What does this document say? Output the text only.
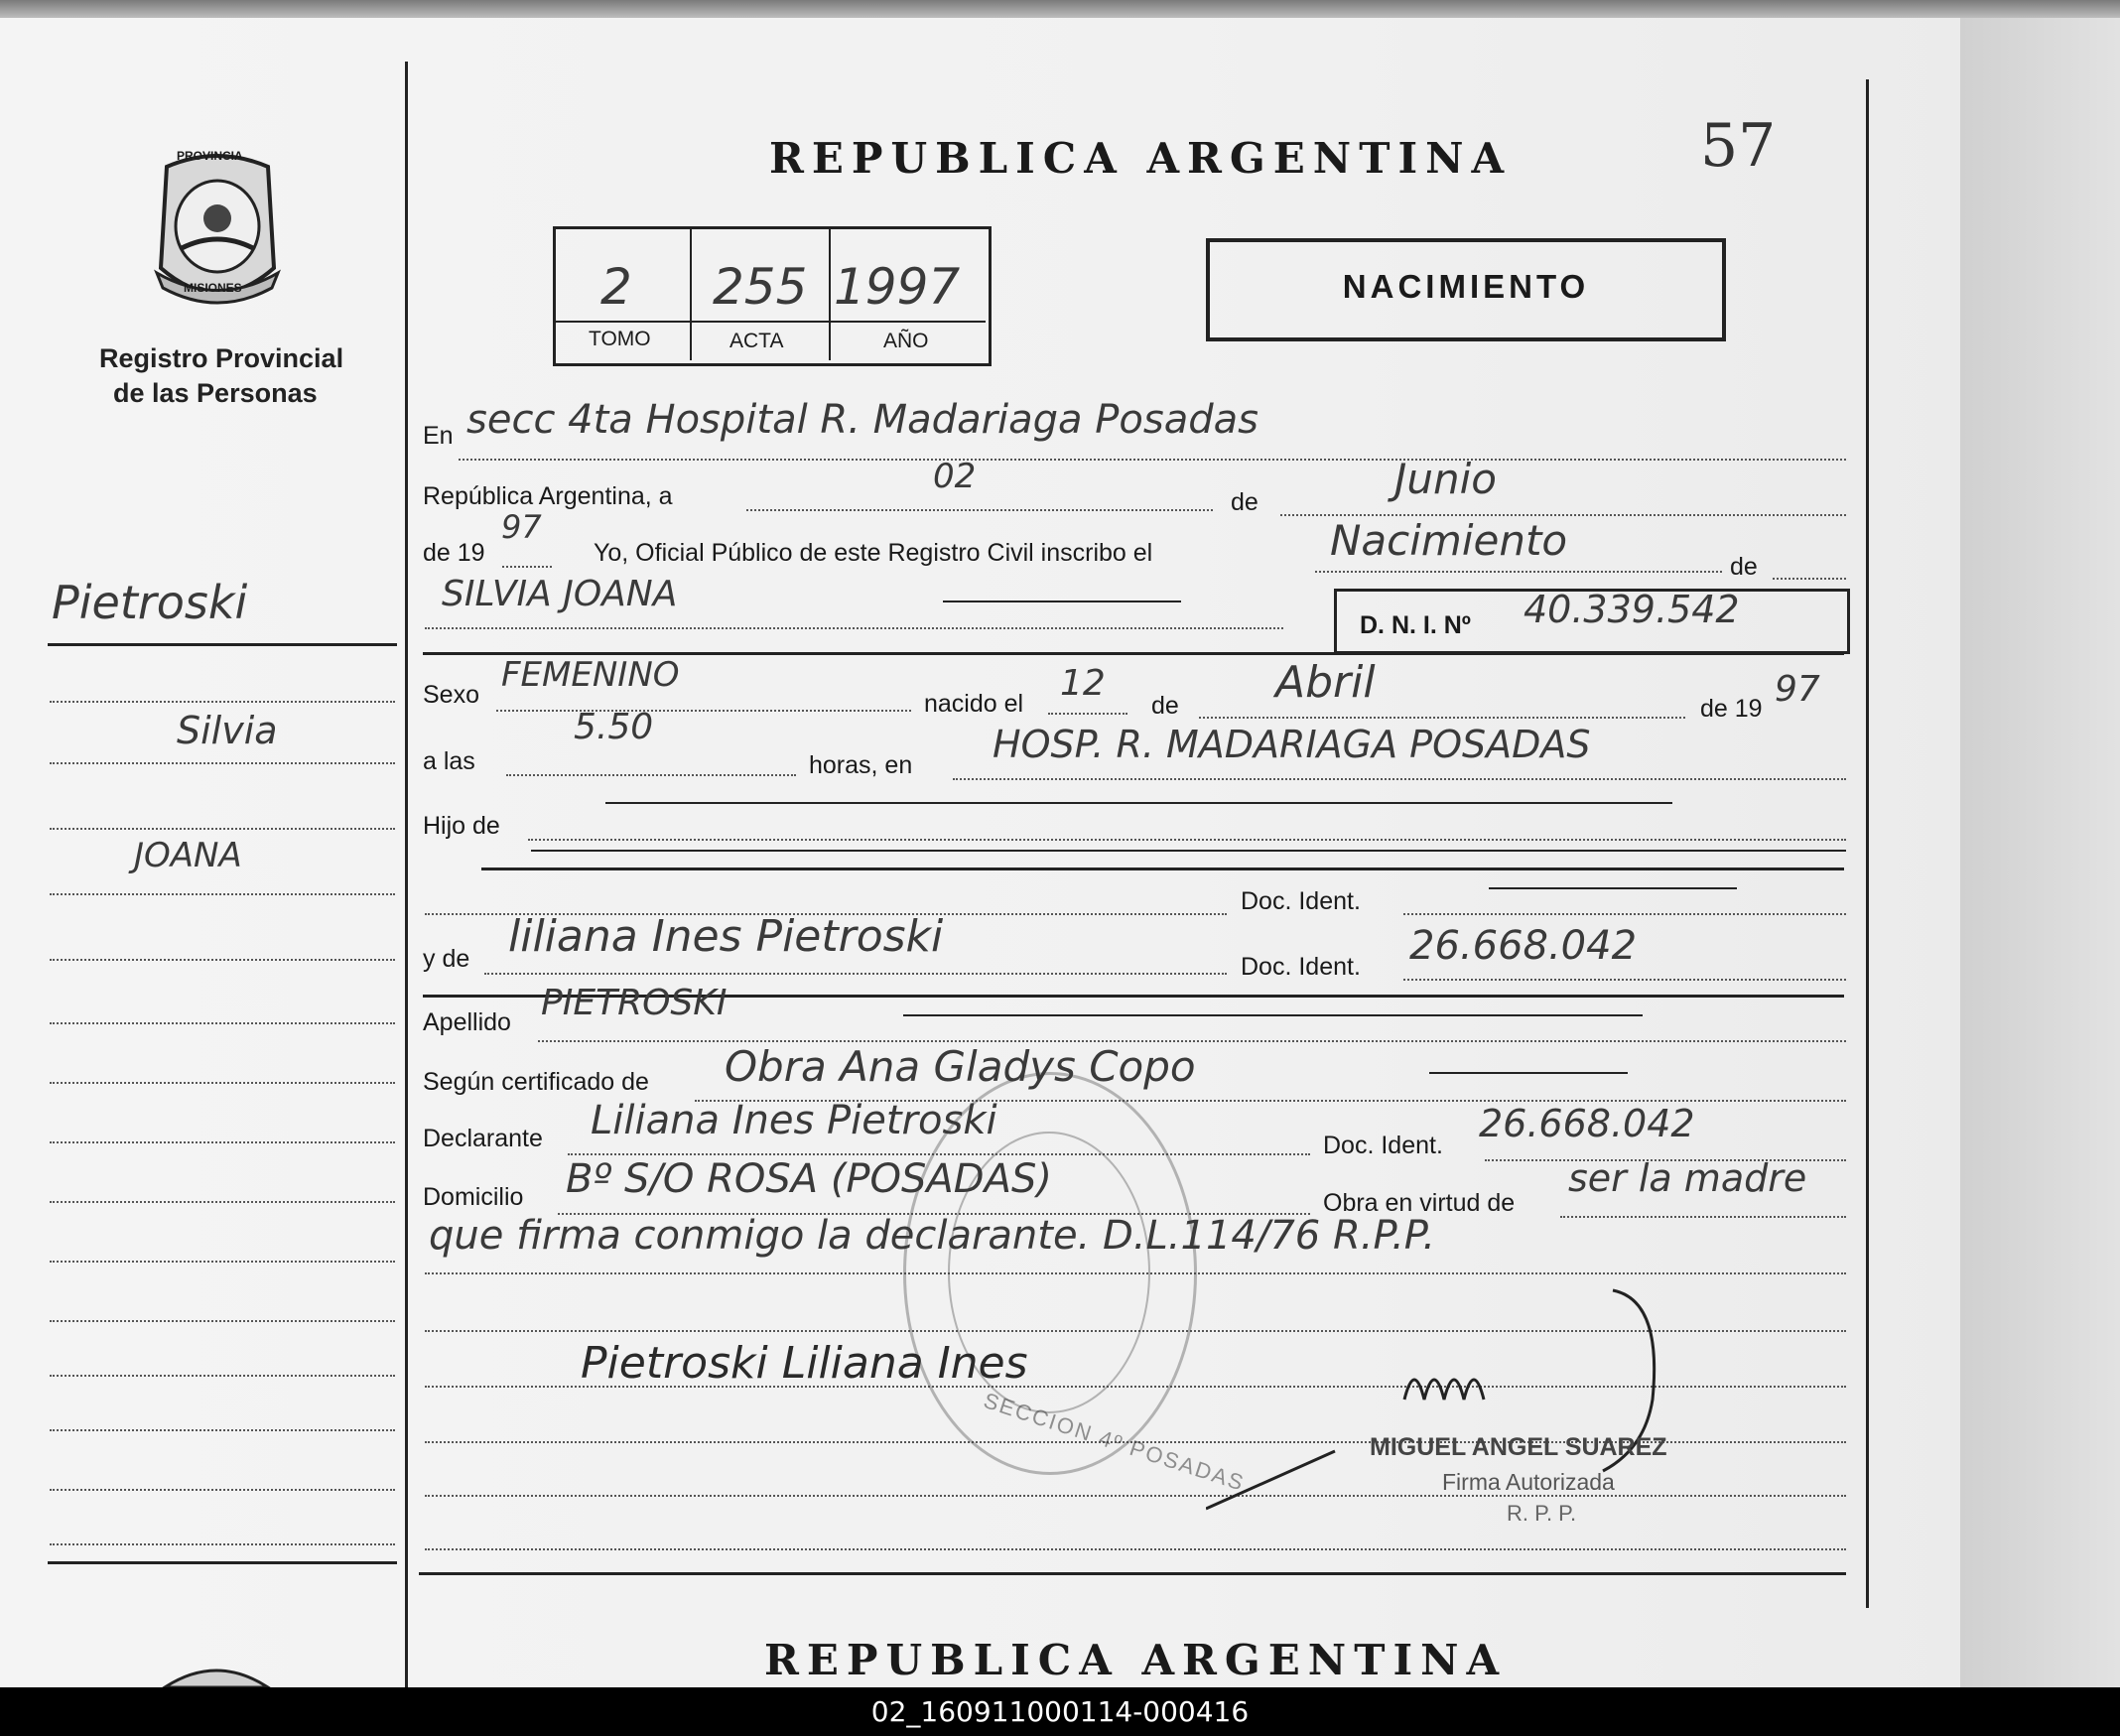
PROVINCIA
MISIONES
Registro Provincial
de las Personas
Pietroski
Silvia
JOANA
REPUBLICA ARGENTINA	57
2 255 1997
TOMO	ACTA	AÑO
NACIMIENTO
En secc 4ta Hospital R. Madariaga Posadas
República Argentina, a	02
de	Junio
de 19
97
Yo, Oficial Público de este Registro Civil inscribo el	Nacimiento
de
SILVIA JOANA
D. N. I. Nº 40.339.542
Sexo FEMENINO
nacido el 12
de Abril
de 19 97
5.50
a las	horas, en HOSP. R. MADARIAGA POSADAS
Hijo de
Doc. Ident.
y de liliana Ines Pietroski
Doc. Ident. 26.668.042
Apellido PIETROSKI
Según certificado de Obra Ana Gladys Copo
Declarante Liliana Ines Pietroski
Doc. Ident. 26.668.042
Domicilio Bº S/O ROSA (POSADAS)
Obra en virtud de
ser la madre
que firma conmigo la declarante. D.L.114/76 R.P.P.
SECCION 4º POSADAS
Pietroski Liliana Ines
MIGUEL ANGEL SUAREZ
Firma Autorizada
R. P. P.
REPUBLICA ARGENTINA
02_160911000114-000416
